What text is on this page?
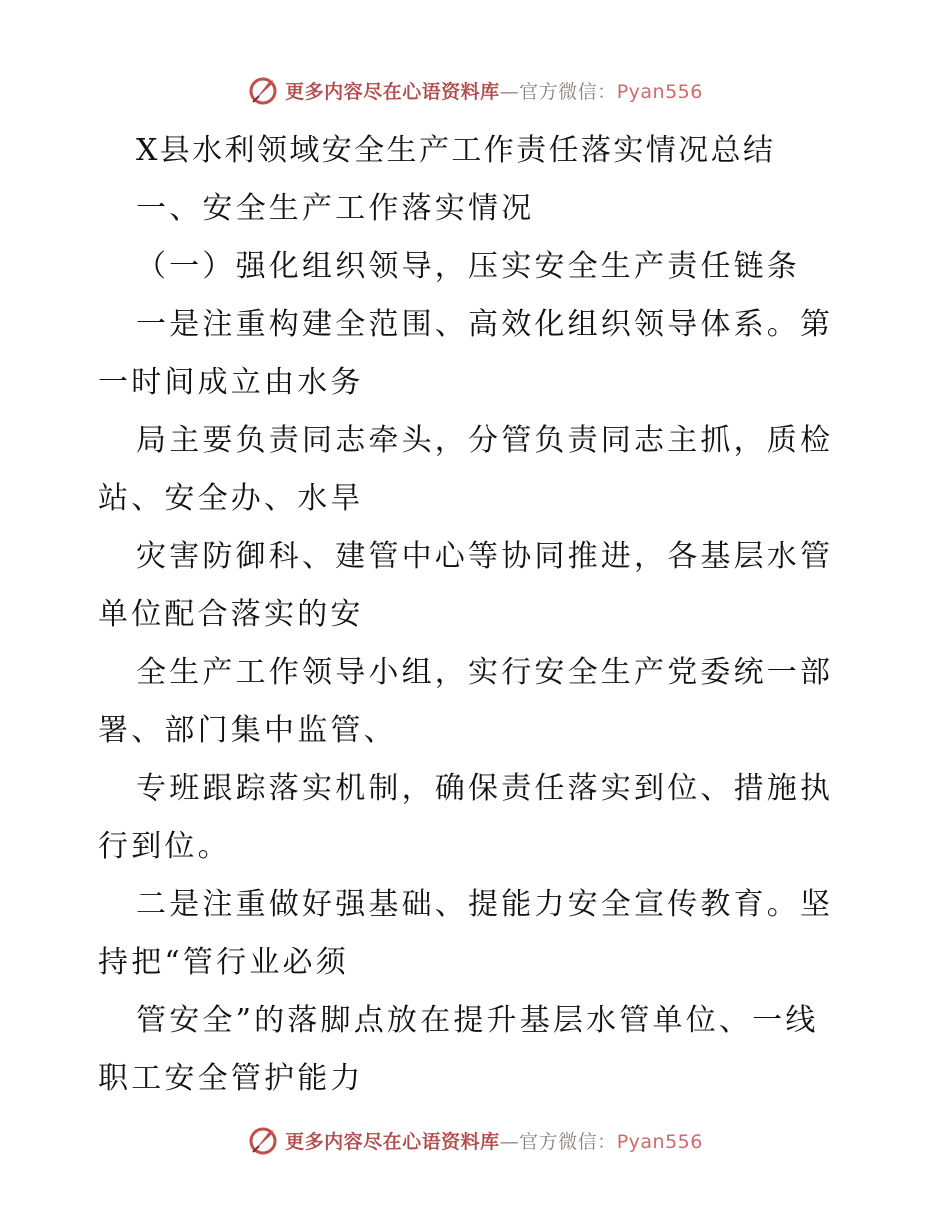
更多内容尽在心语资料库—官方微信：Pyan556
X县水利领域安全生产工作责任落实情况总结
一、安全生产工作落实情况
（一）强化组织领导，压实安全生产责任链条
一是注重构建全范围、高效化组织领导体系。第
一时间成立由水务
局主要负责同志牵头，分管负责同志主抓，质检
站、安全办、水旱
灾害防御科、建管中心等协同推进，各基层水管
单位配合落实的安
全生产工作领导小组，实行安全生产党委统一部
署、部门集中监管、
专班跟踪落实机制，确保责任落实到位、措施执
行到位。
二是注重做好强基础、提能力安全宣传教育。坚
持把“管行业必须
管安全”的落脚点放在提升基层水管单位、一线
职工安全管护能力
更多内容尽在心语资料库—官方微信：Pyan556
